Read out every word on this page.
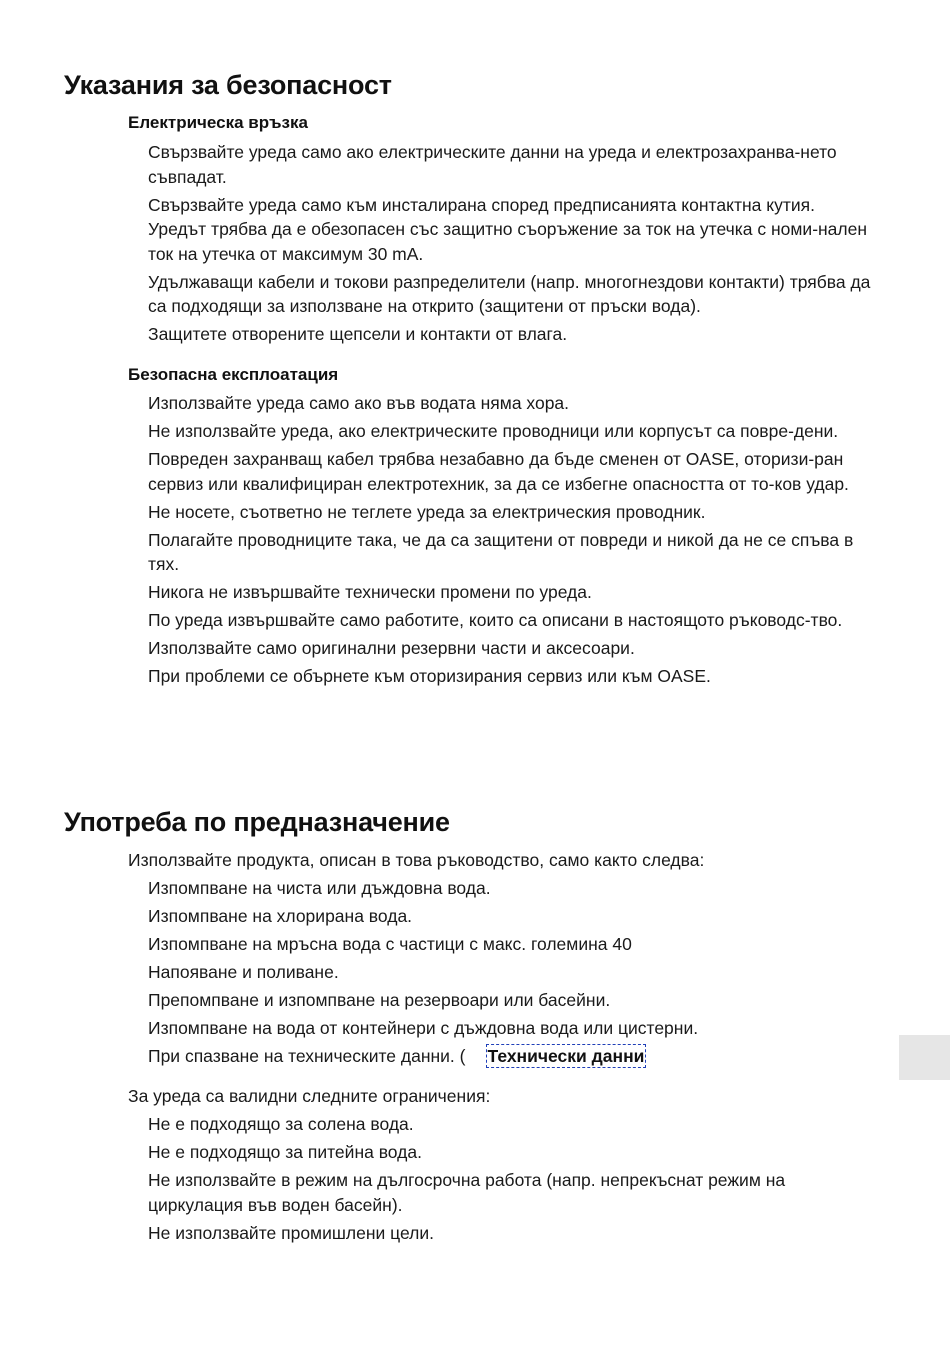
Указания за безопасност
Електрическа връзка
Свързвайте уреда само ако електрическите данни на уреда и електрозахранва-нето съвпадат.
Свързвайте уреда само към инсталирана според предписанията контактна кутия. Уредът трябва да е обезопасен със защитно съоръжение за ток на утечка с номи-нален ток на утечка от максимум 30 mA.
Удължаващи кабели и токови разпределители (напр. многогнездови контакти) трябва да са подходящи за използване на открито (защитени от пръски вода).
Защитете отворените щепсели и контакти от влага.
Безопасна експлоатация
Използвайте уреда само ако във водата няма хора.
Не използвайте уреда, ако електрическите проводници или корпусът са повре-дени.
Повреден захранващ кабел трябва незабавно да бъде сменен от OASE, оторизи-ран сервиз или квалифициран електротехник, за да се избегне опасността от то-ков удар.
Не носете, съответно не теглете уреда за електрическия проводник.
Полагайте проводниците така, че да са защитени от повреди и никой да не се спъва в тях.
Никога не извършвайте технически промени по уреда.
По уреда извършвайте само работите, които са описани в настоящото ръководс-тво.
Използвайте само оригинални резервни части и аксесоари.
При проблеми се обърнете към оторизирания сервиз или към OASE.
Употреба по предназначение

Използвайте продукта, описан в това ръководство, само както следва:

Изпомпване на чиста или дъждовна вода.
Изпомпване на хлорирана вода.
Изпомпване на мръсна вода с частици с макс. големина 40
Напояване и поливане.
Препомпване и изпомпване на резервоари или басейни.
Изпомпване на вода от контейнери с дъждовна вода или цистерни.
При спазване на техническите данни. ( Технически данни

За уреда са валидни следните ограничения:

Не е подходящо за солена вода.
Не е подходящо за питейна вода.
Не използвайте в режим на дългосрочна работа (напр. непрекъснат режим на циркулация във воден басейн).
Не използвайте промишлени цели.
